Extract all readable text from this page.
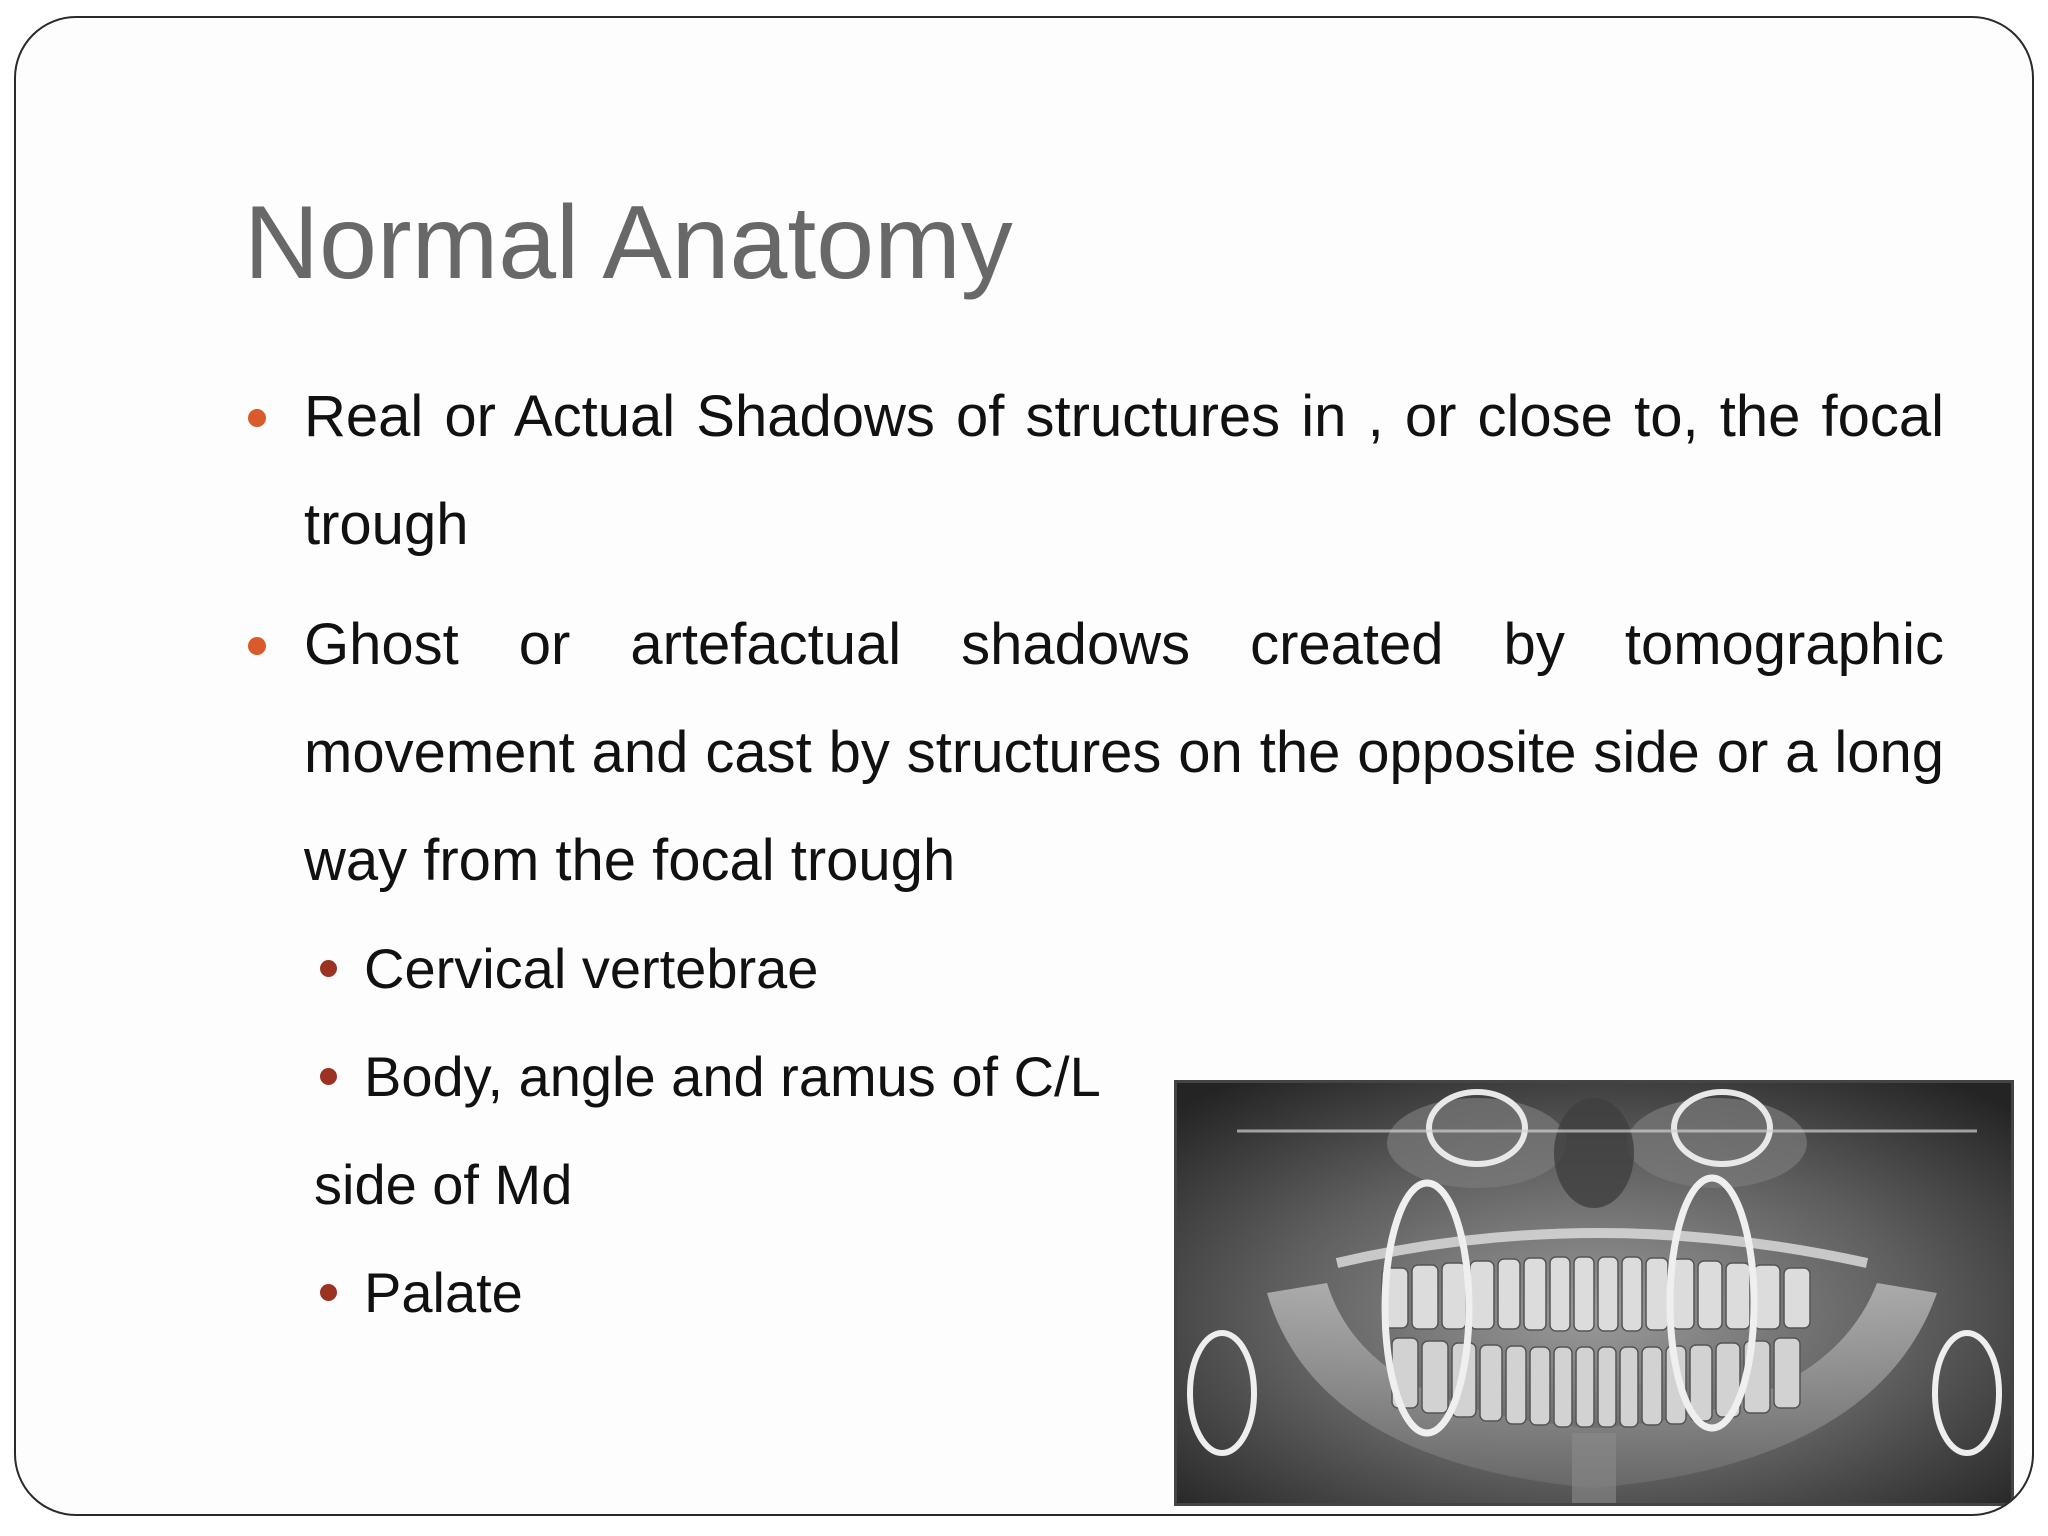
Normal Anatomy
Real or Actual Shadows of structures in , or close to, the focal trough
Ghost or artefactual shadows created by tomographic movement and cast by structures on the opposite side or a long way from the focal trough
Cervical vertebrae
Body, angle and ramus of C/L
side of Md
Palate
